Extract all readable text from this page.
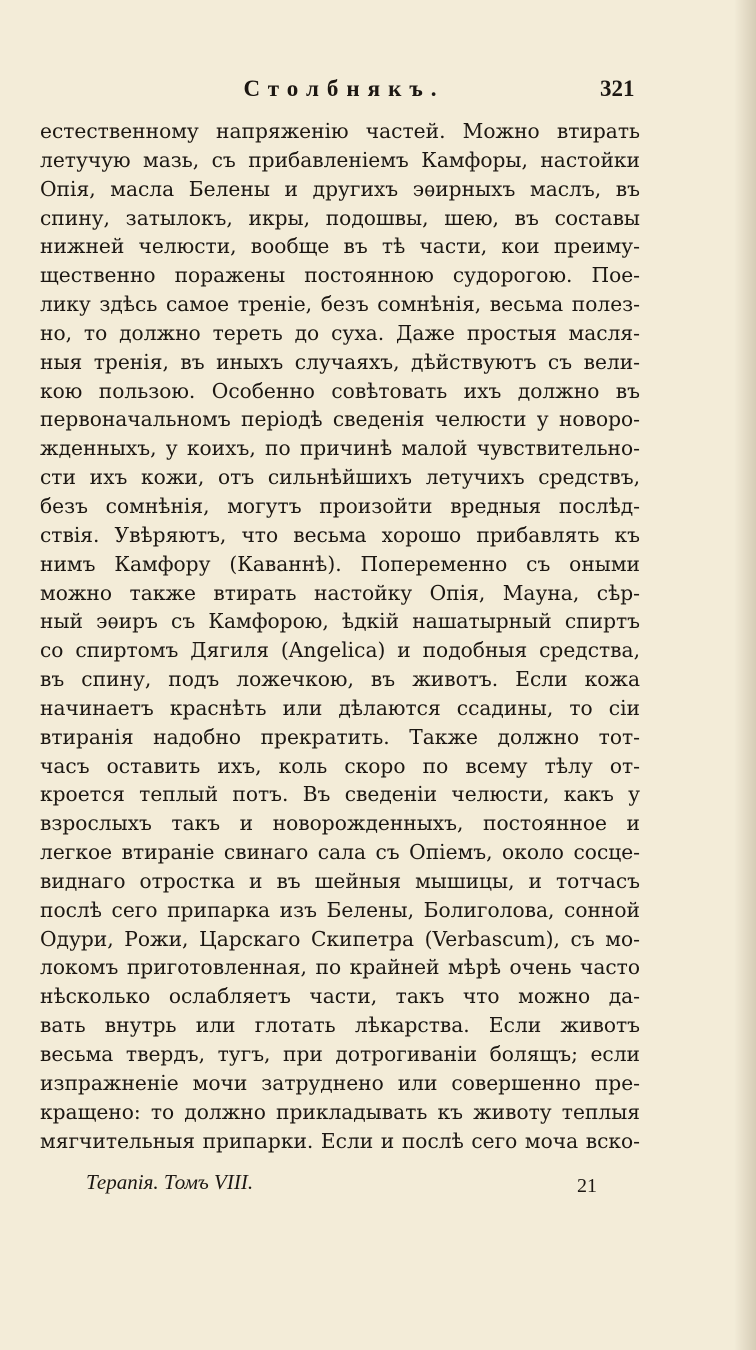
Столбнякъ.	321
естественному напряженію частей. Можно втирать
летучую мазь, съ прибавленіемъ Камфоры, настойки
Опія, масла Белены и другихъ эѳирныхъ маслъ, въ
спину, затылокъ, икры, подошвы, шею, въ составы
нижней челюсти, вообще въ тѣ части, кои преиму-
щественно поражены постоянною судорогою. Пое-
лику здѣсь самое треніе, безъ сомнѣнія, весьма полез-
но, то должно тереть до суха. Даже простыя масля-
ныя тренія, въ иныхъ случаяхъ, дѣйствуютъ съ вели-
кою пользою. Особенно совѣтовать ихъ должно въ
первоначальномъ періодѣ сведенія челюсти у новоро-
жденныхъ, у коихъ, по причинѣ малой чувствительно-
сти ихъ кожи, отъ сильнѣйшихъ летучихъ средствъ,
безъ сомнѣнія, могутъ произойти вредныя послѣд-
ствія. Увѣряютъ, что весьма хорошо прибавлять къ
нимъ Камфору (Каваннѣ). Попеременно съ оными
можно также втирать настойку Опія, Мауна, сѣр-
ный эѳиръ съ Камфорою, ѣдкій нашатырный спиртъ
со спиртомъ Дягиля (Angelica) и подобныя средства,
въ спину, подъ ложечкою, въ животъ. Если кожа
начинаетъ краснѣть или дѣлаются ссадины, то сіи
втиранія надобно прекратить. Также должно тот-
часъ оставить ихъ, коль скоро по всему тѣлу от-
кроется теплый потъ. Въ сведеніи челюсти, какъ у
взрослыхъ такъ и новорожденныхъ, постоянное и
легкое втираніе свинаго сала съ Опіемъ, около сосце-
виднаго отростка и въ шейныя мышицы, и тотчасъ
послѣ сего припарка изъ Белены, Болиголова, сонной
Одури, Рожи, Царскаго Скипетра (Verbascum), съ мо-
локомъ приготовленная, по крайней мѣрѣ очень часто
нѣсколько ослабляетъ части, такъ что можно да-
вать внутрь или глотать лѣкарства. Если животъ
весьма твердъ, тугъ, при дотрогиваніи болящъ; если
изпражненіе мочи затруднено или совершенно пре-
кращено: то должно прикладывать къ животу теплыя
мягчительныя припарки. Если и послѣ сего моча вско-
Терапія. Томъ VIII.	21
